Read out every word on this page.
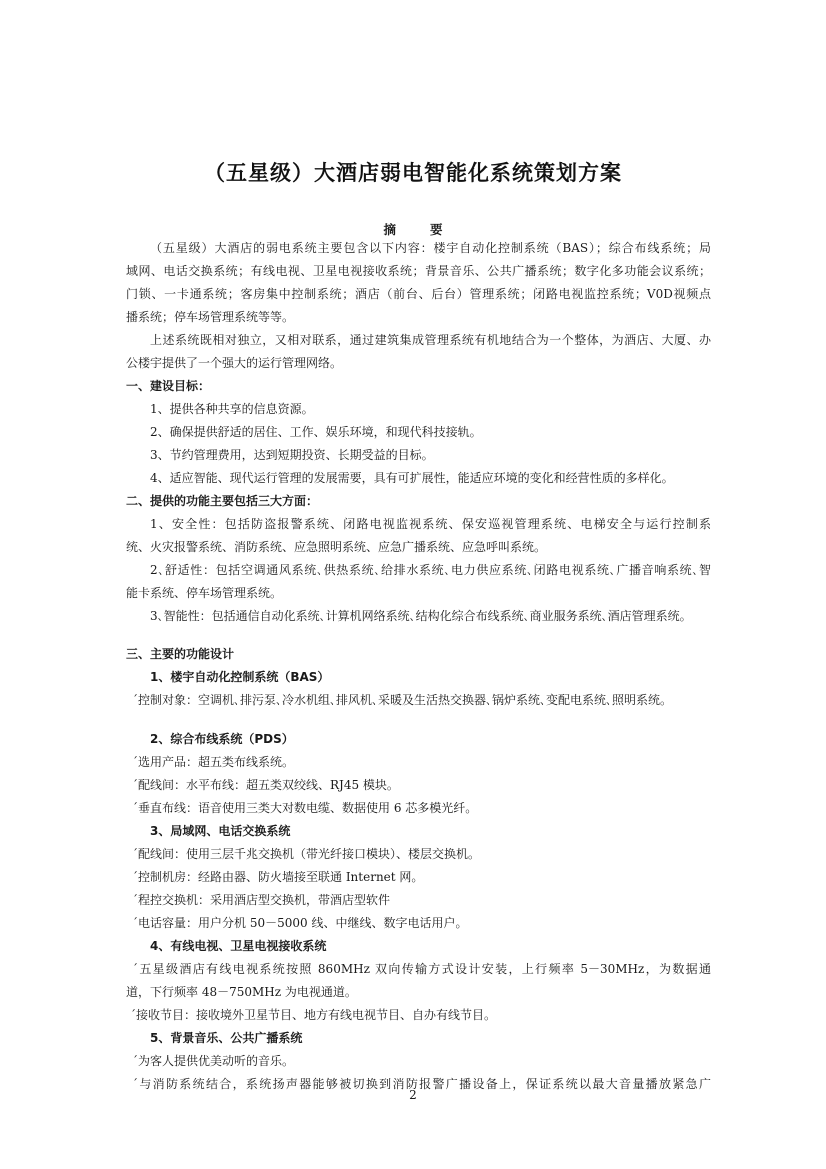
（五星级）大酒店弱电智能化系统策划方案
摘要
（五星级）大酒店的弱电系统主要包含以下内容：楼宇自动化控制系统（BAS）；综合布线系统；局
域网、电话交换系统；有线电视、卫星电视接收系统；背景音乐、公共广播系统；数字化多功能会议系统；
门锁、一卡通系统；客房集中控制系统；酒店（前台、后台）管理系统；闭路电视监控系统；V0D视频点
播系统；停车场管理系统等等。
上述系统既相对独立，又相对联系，通过建筑集成管理系统有机地结合为一个整体，为酒店、大厦、办
公楼宇提供了一个强大的运行管理网络。
一、建设目标：
1、提供各种共享的信息资源。
2、确保提供舒适的居住、工作、娱乐环境，和现代科技接轨。
3、节约管理费用，达到短期投资、长期受益的目标。
4、适应智能、现代运行管理的发展需要，具有可扩展性，能适应环境的变化和经营性质的多样化。
二、提供的功能主要包括三大方面：
1、安全性：包括防盗报警系统、闭路电视监视系统、保安巡视管理系统、电梯安全与运行控制系
统、火灾报警系统、消防系统、应急照明系统、应急广播系统、应急呼叫系统。
2､舒适性：包括空调通风系统､供热系统､给排水系统､电力供应系统､闭路电视系统､广播音响系统､智
能卡系统、停车场管理系统。
3､智能性：包括通信自动化系统､计算机网络系统､结构化综合布线系统､商业服务系统､酒店管理系统。
三、主要的功能设计
1、楼宇自动化控制系统（BAS）
´控制对象：空调机､排污泵､冷水机组､排风机､采暖及生活热交换器､锅炉系统､变配电系统､照明系统。
2、综合布线系统（PDS）
´选用产品：超五类布线系统。
´配线间：水平布线：超五类双绞线、RJ45 模块。
´垂直布线：语音使用三类大对数电缆、数据使用 6 芯多模光纤。
3、局域网、电话交换系统
´配线间：使用三层千兆交换机（带光纤接口模块）、楼层交换机。
´控制机房：经路由器、防火墙接至联通 Internet 网。
´程控交换机：采用酒店型交换机，带酒店型软件
´电话容量：用户分机 50－5000 线、中继线、数字电话用户。
4、有线电视、卫星电视接收系统
´五星级酒店有线电视系统按照 860MHz 双向传输方式设计安装，上行频率 5－30MHz，为数据通
道，下行频率 48－750MHz 为电视通道。
´接收节目：接收境外卫星节目、地方有线电视节目、自办有线节目。
5、背景音乐、公共广播系统
´为客人提供优美动听的音乐。
´与消防系统结合，系统扬声器能够被切换到消防报警广播设备上，保证系统以最大音量播放紧急广
2
